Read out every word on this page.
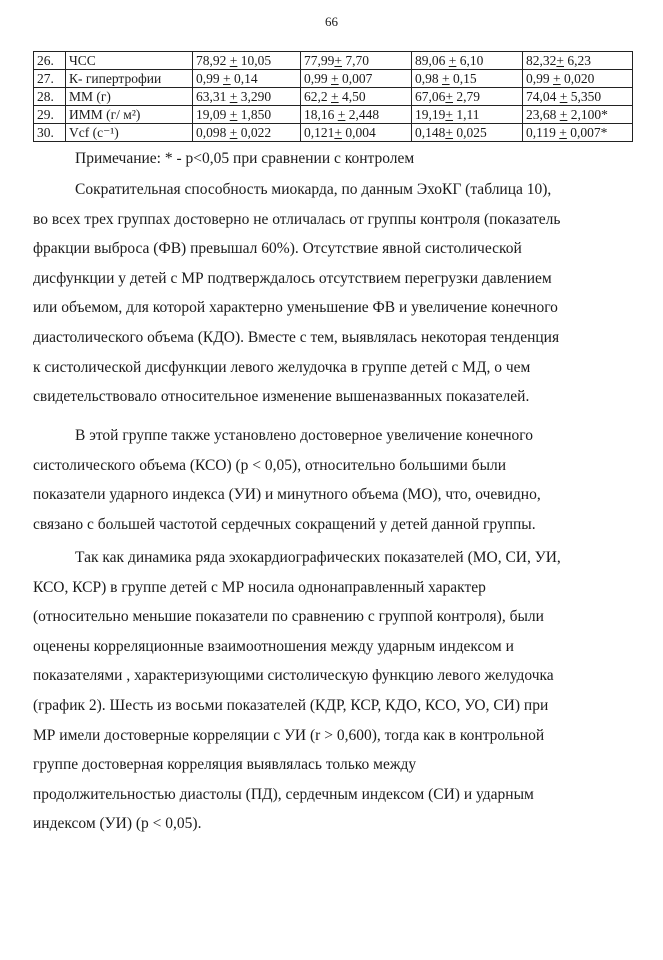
66
26.	ЧСС	78,92 + 10,05	77,99+ 7,70	89,06 + 6,10	82,32+ 6,23
27.	К- гипертрофии	0,99 + 0,14	0,99 + 0,007	0,98 + 0,15	0,99 + 0,020
28.	ММ (г)	63,31 + 3,290	62,2 + 4,50	67,06+ 2,79	74,04 + 5,350
29.	ИММ (г/ м²)	19,09 + 1,850	18,16 + 2,448	19,19+ 1,11	23,68 + 2,100*
30.	Vcf (с⁻¹)	0,098 + 0,022	0,121+ 0,004	0,148+ 0,025	0,119 + 0,007*
Примечание: * - р<0,05 при сравнении с контролем
Сократительная способность миокарда, по данным ЭхоКГ (таблица 10),
во всех трех группах достоверно не отличалась от группы контроля (показатель
фракции выброса (ФВ) превышал 60%). Отсутствие явной систолической
дисфункции у детей с МР подтверждалось отсутствием перегрузки давлением
или объемом, для которой характерно уменьшение ФВ и увеличение конечного
диастолического объема (КДО). Вместе с тем, выявлялась некоторая тенденция
к систолической дисфункции левого желудочка в группе детей с МД, о чем
свидетельствовало относительное изменение вышеназванных показателей.
В этой группе также установлено достоверное увеличение конечного
систолического объема (КСО) (р < 0,05), относительно большими были
показатели ударного индекса (УИ) и минутного объема (МО), что, очевидно,
связано с большей частотой сердечных сокращений у детей данной группы.
Так как динамика ряда эхокардиографических показателей (МО, СИ, УИ,
КСО, КСР) в группе детей с МР носила однонаправленный характер
(относительно меньшие показатели по сравнению с группой контроля), были
оценены корреляционные взаимоотношения между ударным индексом и
показателями , характеризующими систолическую функцию левого желудочка
(график 2). Шесть из восьми показателей (КДР, КСР, КДО, КСО, УО, СИ) при
МР имели достоверные корреляции с УИ (r > 0,600), тогда как в контрольной
группе достоверная корреляция выявлялась только между
продолжительностью диастолы (ПД), сердечным индексом (СИ) и ударным
индексом (УИ) (р < 0,05).
